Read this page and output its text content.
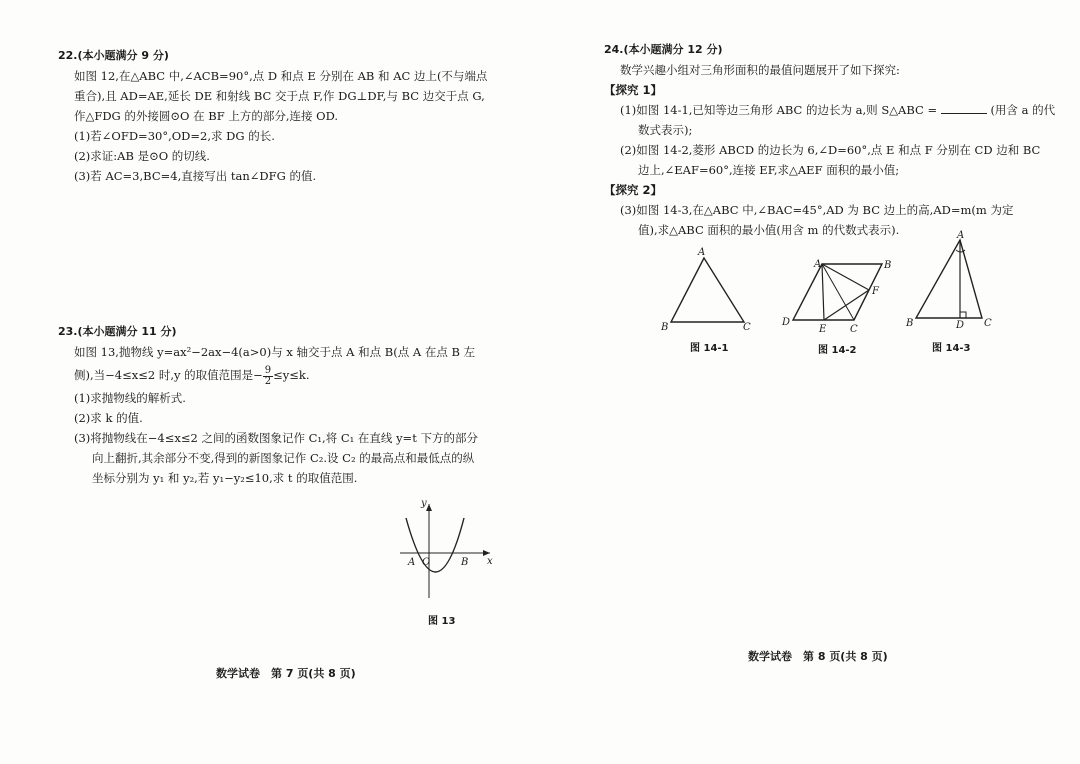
22.(本小题满分 9 分)
如图 12,在△ABC 中,∠ACB=90°,点 D 和点 E 分别在 AB 和 AC 边上(不与端点
重合),且 AD=AE,延长 DE 和射线 BC 交于点 F,作 DG⊥DF,与 BC 边交于点 G,
作△FDG 的外接圆⊙O 在 BF 上方的部分,连接 OD.
(1)若∠OFD=30°,OD=2,求 DG 的长.
(2)求证:AB 是⊙O 的切线.
(3)若 AC=3,BC=4,直接写出 tan∠DFG 的值.
23.(本小题满分 11 分)
如图 13,抛物线 y=ax²−2ax−4(a>0)与 x 轴交于点 A 和点 B(点 A 在点 B 左
侧),当−4≤x≤2 时,y 的取值范围是− $\frac{9}{2} \le y\le k$.
(1)求抛物线的解析式.
(2)求 k 的值.
(3)将抛物线在−4≤x≤2 之间的函数图象记作 C₁,将 C₁ 在直线 y=t 下方的部分
向上翻折,其余部分不变,得到的新图象记作 C₂.设 C₂ 的最高点和最低点的纵
坐标分别为 y₁ 和 y₂,若 y₁−y₂≤10,求 t 的取值范围.
y
x
O
A	B
图 13
数学试卷　第 7 页(共 8 页)
24.(本小题满分 12 分)
数学兴趣小组对三角形面积的最值问题展开了如下探究:
【探究 1】
(1)如图 14-1,已知等边三角形 ABC 的边长为 a,则 S△ABC =	(用含 a 的代
数式表示);
(2)如图 14-2,菱形 ABCD 的边长为 6,∠D=60°,点 E 和点 F 分别在 CD 边和 BC
边上,∠EAF=60°,连接 EF,求△AEF 面积的最小值;
【探究 2】
(3)如图 14-3,在△ABC 中,∠BAC=45°,AD 为 BC 边上的高,AD=m(m 为定
值),求△ABC 面积的最小值(用含 m 的代数式表示).
A
B	C
图 14-1
A	B
C
D
E
F
图 14-2
A
B	C
D
图 14-3
数学试卷　第 8 页(共 8 页)
